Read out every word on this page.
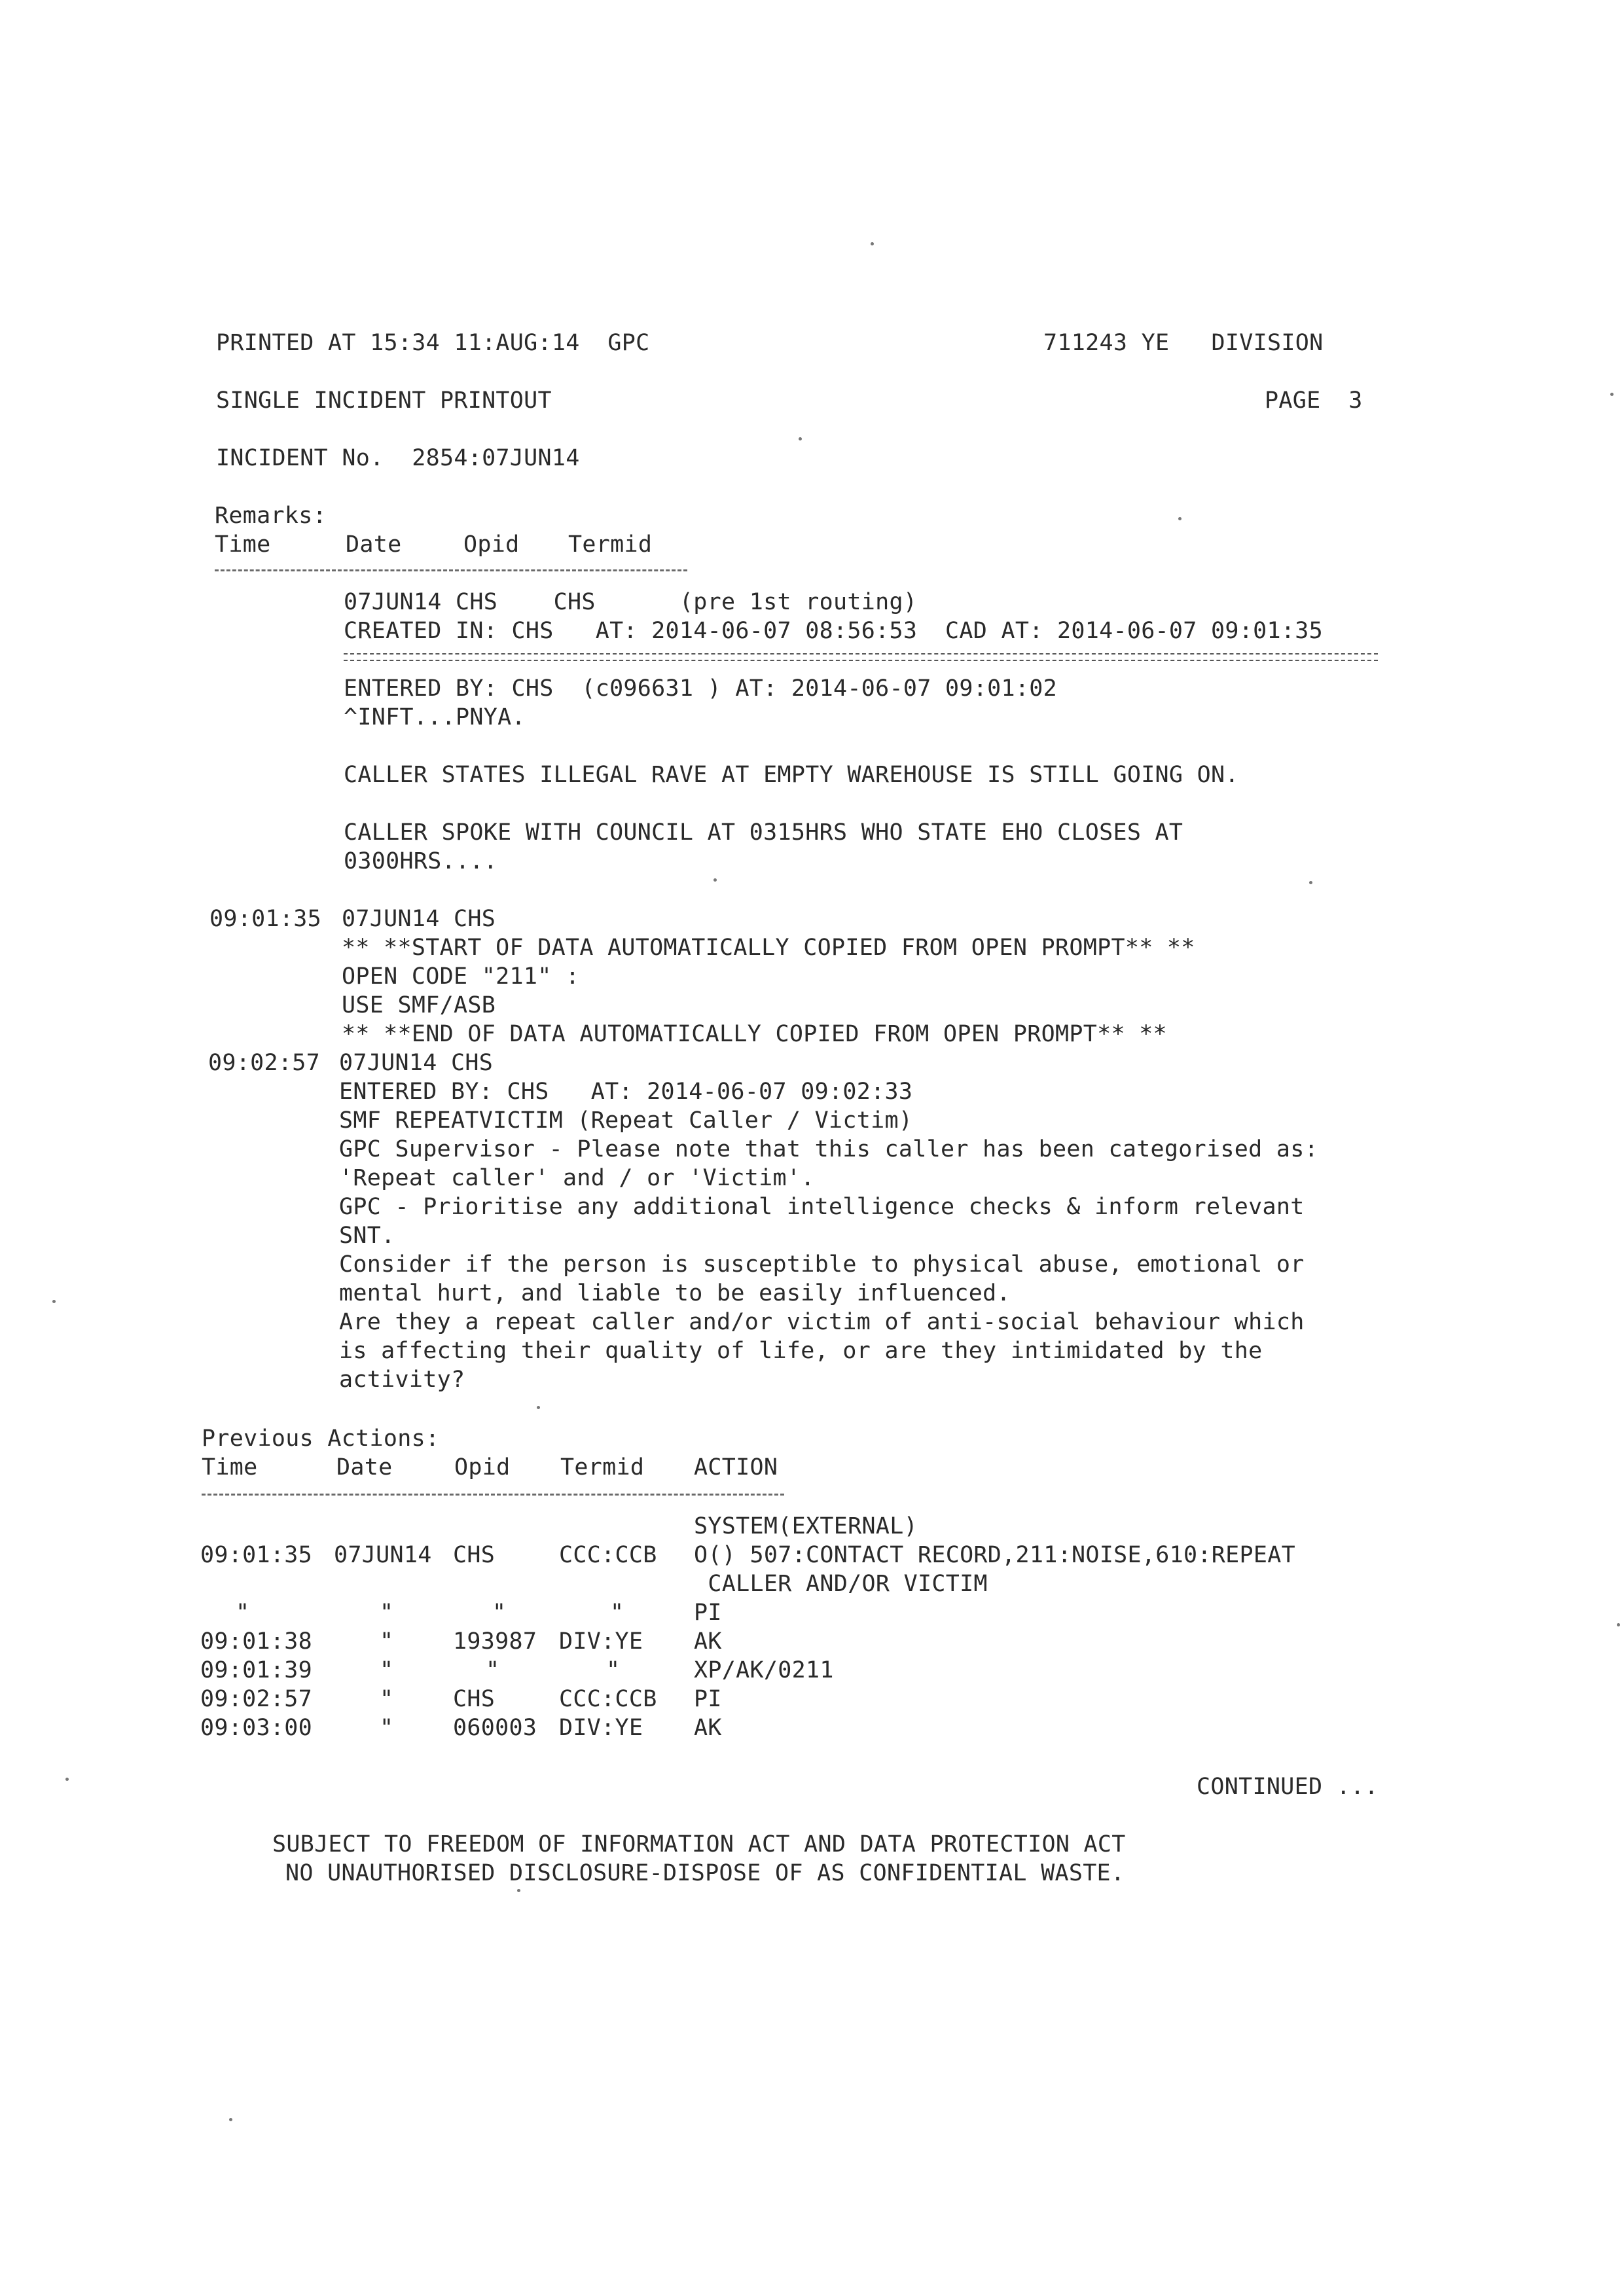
PRINTED AT 15:34 11:AUG:14  GPC	711243 YE   DIVISION
SINGLE INCIDENT PRINTOUT	PAGE  3
INCIDENT No.  2854:07JUN14
Remarks:
Time	Date	Opid Termid
07JUN14 CHS    CHS      (pre 1st routing)
CREATED IN: CHS   AT: 2014-06-07 08:56:53  CAD AT: 2014-06-07 09:01:35
ENTERED BY: CHS  (c096631 ) AT: 2014-06-07 09:01:02
^INFT...PNYA.
CALLER STATES ILLEGAL RAVE AT EMPTY WAREHOUSE IS STILL GOING ON.
CALLER SPOKE WITH COUNCIL AT 0315HRS WHO STATE EHO CLOSES AT
0300HRS....
09:01:35 07JUN14 CHS
** **START OF DATA AUTOMATICALLY COPIED FROM OPEN PROMPT** **
OPEN CODE "211" :
USE SMF/ASB
** **END OF DATA AUTOMATICALLY COPIED FROM OPEN PROMPT** **
09:02:57 07JUN14 CHS
ENTERED BY: CHS   AT: 2014-06-07 09:02:33
SMF REPEATVICTIM (Repeat Caller / Victim)
GPC Supervisor - Please note that this caller has been categorised as:
'Repeat caller' and / or 'Victim'.
GPC - Prioritise any additional intelligence checks & inform relevant
SNT.
Consider if the person is susceptible to physical abuse, emotional or
mental hurt, and liable to be easily influenced.
Are they a repeat caller and/or victim of anti-social behaviour which
is affecting their quality of life, or are they intimidated by the
activity?
Previous Actions:
Time	Date	Opid Termid ACTION
SYSTEM(EXTERNAL)
09:01:35 07JUN14 CHS	CCC:CCB O() 507:CONTACT RECORD,211:NOISE,610:REPEAT
CALLER AND/OR VICTIM
"	"	"	"	PI
09:01:38	"	193987 DIV:YE AK
09:01:39	"	"	"	XP/AK/0211
09:02:57	"	CHS	CCC:CCB PI
09:03:00	"	060003 DIV:YE AK
CONTINUED ...
SUBJECT TO FREEDOM OF INFORMATION ACT AND DATA PROTECTION ACT
NO UNAUTHORISED DISCLOSURE-DISPOSE OF AS CONFIDENTIAL WASTE.
